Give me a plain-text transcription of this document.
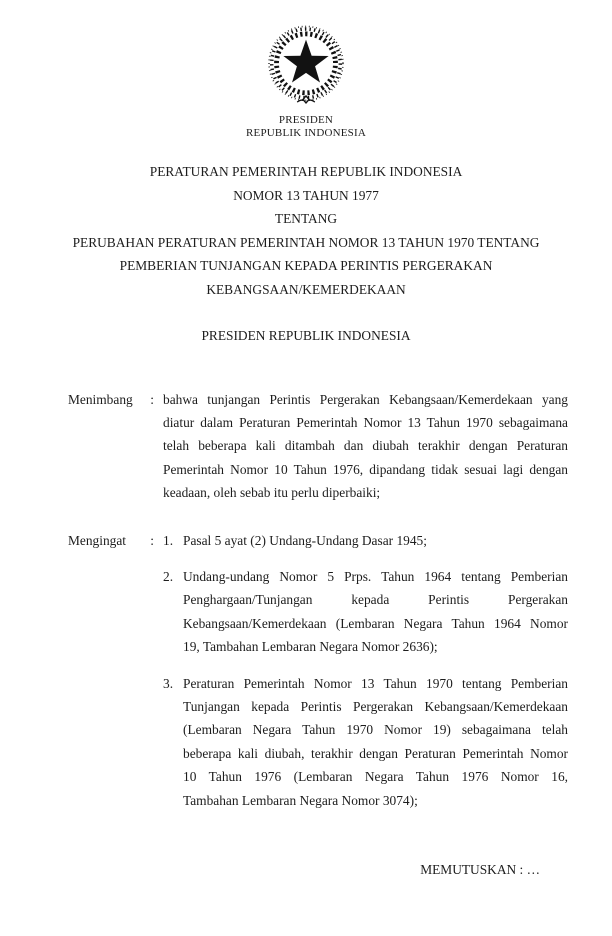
PRESIDEN
REPUBLIK INDONESIA
PERATURAN PEMERINTAH REPUBLIK INDONESIA
NOMOR 13 TAHUN 1977
TENTANG
PERUBAHAN PERATURAN PEMERINTAH NOMOR 13 TAHUN 1970 TENTANG
PEMBERIAN TUNJANGAN KEPADA PERINTIS PERGERAKAN
KEBANGSAAN/KEMERDEKAAN
PRESIDEN REPUBLIK INDONESIA
Menimbang : bahwa tunjangan Perintis Pergerakan Kebangsaan/Kemerdekaan yang
diatur dalam Peraturan Pemerintah Nomor 13 Tahun 1970 sebagaimana
telah beberapa kali ditambah dan diubah terakhir dengan Peraturan
Pemerintah Nomor 10 Tahun 1976, dipandang tidak sesuai lagi dengan
keadaan, oleh sebab itu perlu diperbaiki;
Mengingat : 1. Pasal 5 ayat (2) Undang-Undang Dasar 1945;
2. Undang-undang Nomor 5 Prps. Tahun 1964 tentang Pemberian
Penghargaan/Tunjangan kepada Perintis Pergerakan
Kebangsaan/Kemerdekaan (Lembaran Negara Tahun 1964 Nomor
19, Tambahan Lembaran Negara Nomor 2636);
3. Peraturan Pemerintah Nomor 13 Tahun 1970 tentang Pemberian
Tunjangan kepada Perintis Pergerakan Kebangsaan/Kemerdekaan
(Lembaran Negara Tahun 1970 Nomor 19) sebagaimana telah
beberapa kali diubah, terakhir dengan Peraturan Pemerintah Nomor
10 Tahun 1976 (Lembaran Negara Tahun 1976 Nomor 16,
Tambahan Lembaran Negara Nomor 3074);
MEMUTUSKAN : …
